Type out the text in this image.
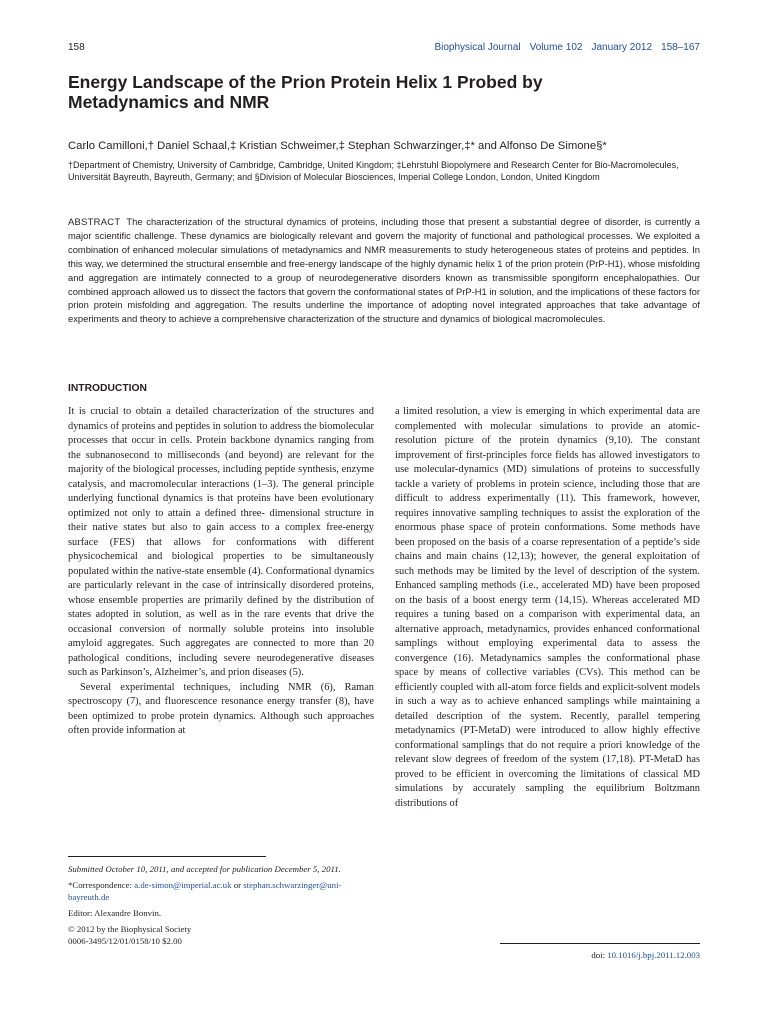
158	Biophysical Journal Volume 102 January 2012 158–167
Energy Landscape of the Prion Protein Helix 1 Probed by Metadynamics and NMR
Carlo Camilloni,† Daniel Schaal,‡ Kristian Schweimer,‡ Stephan Schwarzinger,‡* and Alfonso De Simone§*
†Department of Chemistry, University of Cambridge, Cambridge, United Kingdom; ‡Lehrstuhl Biopolymere and Research Center for Bio-Macromolecules, Universität Bayreuth, Bayreuth, Germany; and §Division of Molecular Biosciences, Imperial College London, London, United Kingdom

ABSTRACT The characterization of the structural dynamics of proteins, including those that present a substantial degree of disorder, is currently a major scientific challenge. These dynamics are biologically relevant and govern the majority of functional and pathological processes. We exploited a combination of enhanced molecular simulations of metadynamics and NMR measurements to study heterogeneous states of proteins and peptides. In this way, we determined the structural ensemble and free-energy landscape of the highly dynamic helix 1 of the prion protein (PrP-H1), whose misfolding and aggregation are intimately connected to a group of neurodegenerative disorders known as transmissible spongiform encephalopathies. Our combined approach allowed us to dissect the factors that govern the conformational states of PrP-H1 in solution, and the implications of these factors for prion protein misfolding and aggregation. The results underline the importance of adopting novel integrated approaches that take advantage of experiments and theory to achieve a comprehensive characterization of the structure and dynamics of biological macromolecules.

INTRODUCTION

It is crucial to obtain a detailed characterization of the structures and dynamics of proteins and peptides in solution to address the biomolecular processes that occur in cells. Protein backbone dynamics ranging from the subnanosecond to milliseconds (and beyond) are relevant for the majority of the biological processes, including peptide synthesis, enzyme catalysis, and macromolecular interactions (1–3). The general principle underlying functional dynamics is that proteins have been evolutionary optimized not only to attain a defined three- dimensional structure in their native states but also to gain access to a complex free-energy surface (FES) that allows for conformations with different physicochemical and biological properties to be simultaneously populated within the native-state ensemble (4). Conformational dynamics are particularly relevant in the case of intrinsically disordered proteins, whose ensemble properties are primarily defined by the distribution of states adopted in solution, as well as in the rare events that drive the occasional conversion of normally soluble proteins into insoluble amyloid aggregates. Such aggregates are connected to more than 20 pathological conditions, including severe neurodegenerative diseases such as Parkinson’s, Alzheimer’s, and prion diseases (5).

Several experimental techniques, including NMR (6), Raman spectroscopy (7), and fluorescence resonance energy transfer (8), have been optimized to probe protein dynamics. Although such approaches often provide information at

a limited resolution, a view is emerging in which experimental data are complemented with molecular simulations to provide an atomic-resolution picture of the protein dynamics (9,10). The constant improvement of first-principles force fields has allowed investigators to use molecular-dynamics (MD) simulations of proteins to successfully tackle a variety of problems in protein science, including those that are difficult to address experimentally (11). This framework, however, requires innovative sampling techniques to assist the exploration of the enormous phase space of protein conformations. Some methods have been proposed on the basis of a coarse representation of a peptide’s side chains and main chains (12,13); however, the general exploitation of such methods may be limited by the level of description of the system. Enhanced sampling methods (i.e., accelerated MD) have been proposed on the basis of a boost energy term (14,15). Whereas accelerated MD requires a tuning based on a comparison with experimental data, an alternative approach, metadynamics, provides enhanced conformational samplings without employing experimental data to assess the convergence (16). Metadynamics samples the conformational phase space by means of collective variables (CVs). This method can be efficiently coupled with all-atom force fields and explicit-solvent models in such a way as to achieve enhanced samplings while maintaining a detailed description of the system. Recently, parallel tempering metadynamics (PT-MetaD) were introduced to allow highly effective conformational samplings that do not require a priori knowledge of the relevant slow degrees of freedom of the system (17,18). PT-MetaD has proved to be efficient in overcoming the limitations of classical MD simulations by accurately sampling the equilibrium Boltzmann distributions of

Submitted October 10, 2011, and accepted for publication December 5, 2011.

*Correspondence: a.de-simon@imperial.ac.uk or stephan.schwarzinger@uni-bayreuth.de

Editor: Alexandre Bonvin.

© 2012 by the Biophysical Society

0006-3495/12/01/0158/10 $2.00

doi: 10.1016/j.bpj.2011.12.003
